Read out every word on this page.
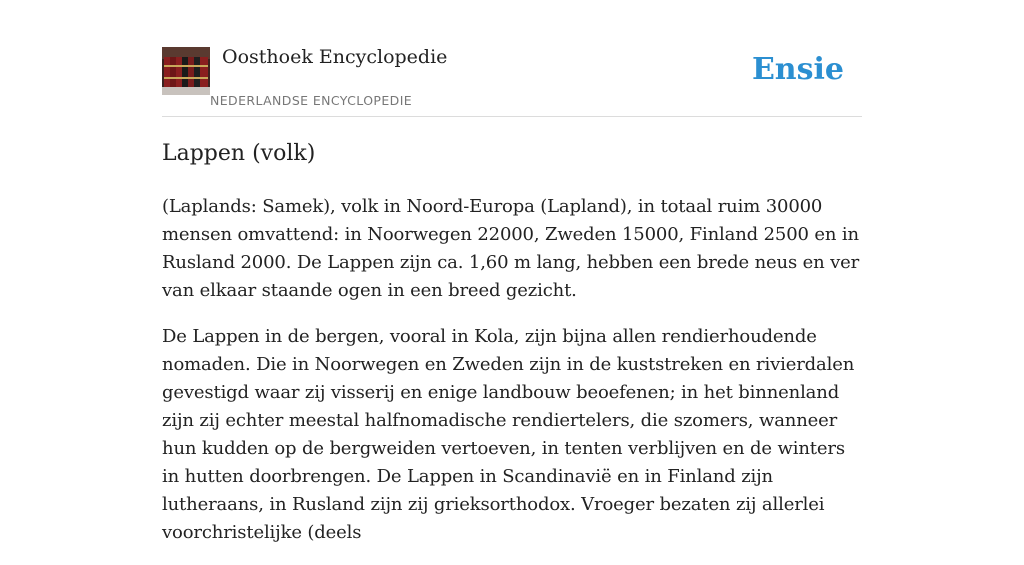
Oosthoek Encyclopedie
NEDERLANDSE ENCYCLOPEDIE
Ensie
Lappen (volk)

(Laplands: Samek), volk in Noord-Europa (Lapland), in totaal ruim 30000 mensen omvattend: in Noorwegen 22000, Zweden 15000, Finland 2500 en in Rusland 2000. De Lappen zijn ca. 1,60 m lang, hebben een brede neus en ver van elkaar staande ogen in een breed gezicht.

De Lappen in de bergen, vooral in Kola, zijn bijna allen rendierhoudende nomaden. Die in Noorwegen en Zweden zijn in de kuststreken en rivierdalen gevestigd waar zij visserij en enige landbouw beoefenen; in het binnenland zijn zij echter meestal halfnomadische rendiertelers, die szomers, wanneer hun kudden op de bergweiden vertoeven, in tenten verblijven en de winters in hutten doorbrengen. De Lappen in Scandinavië en in Finland zijn lutheraans, in Rusland zijn zij grieksorthodox. Vroeger bezaten zij allerlei voorchristelijke (deels
